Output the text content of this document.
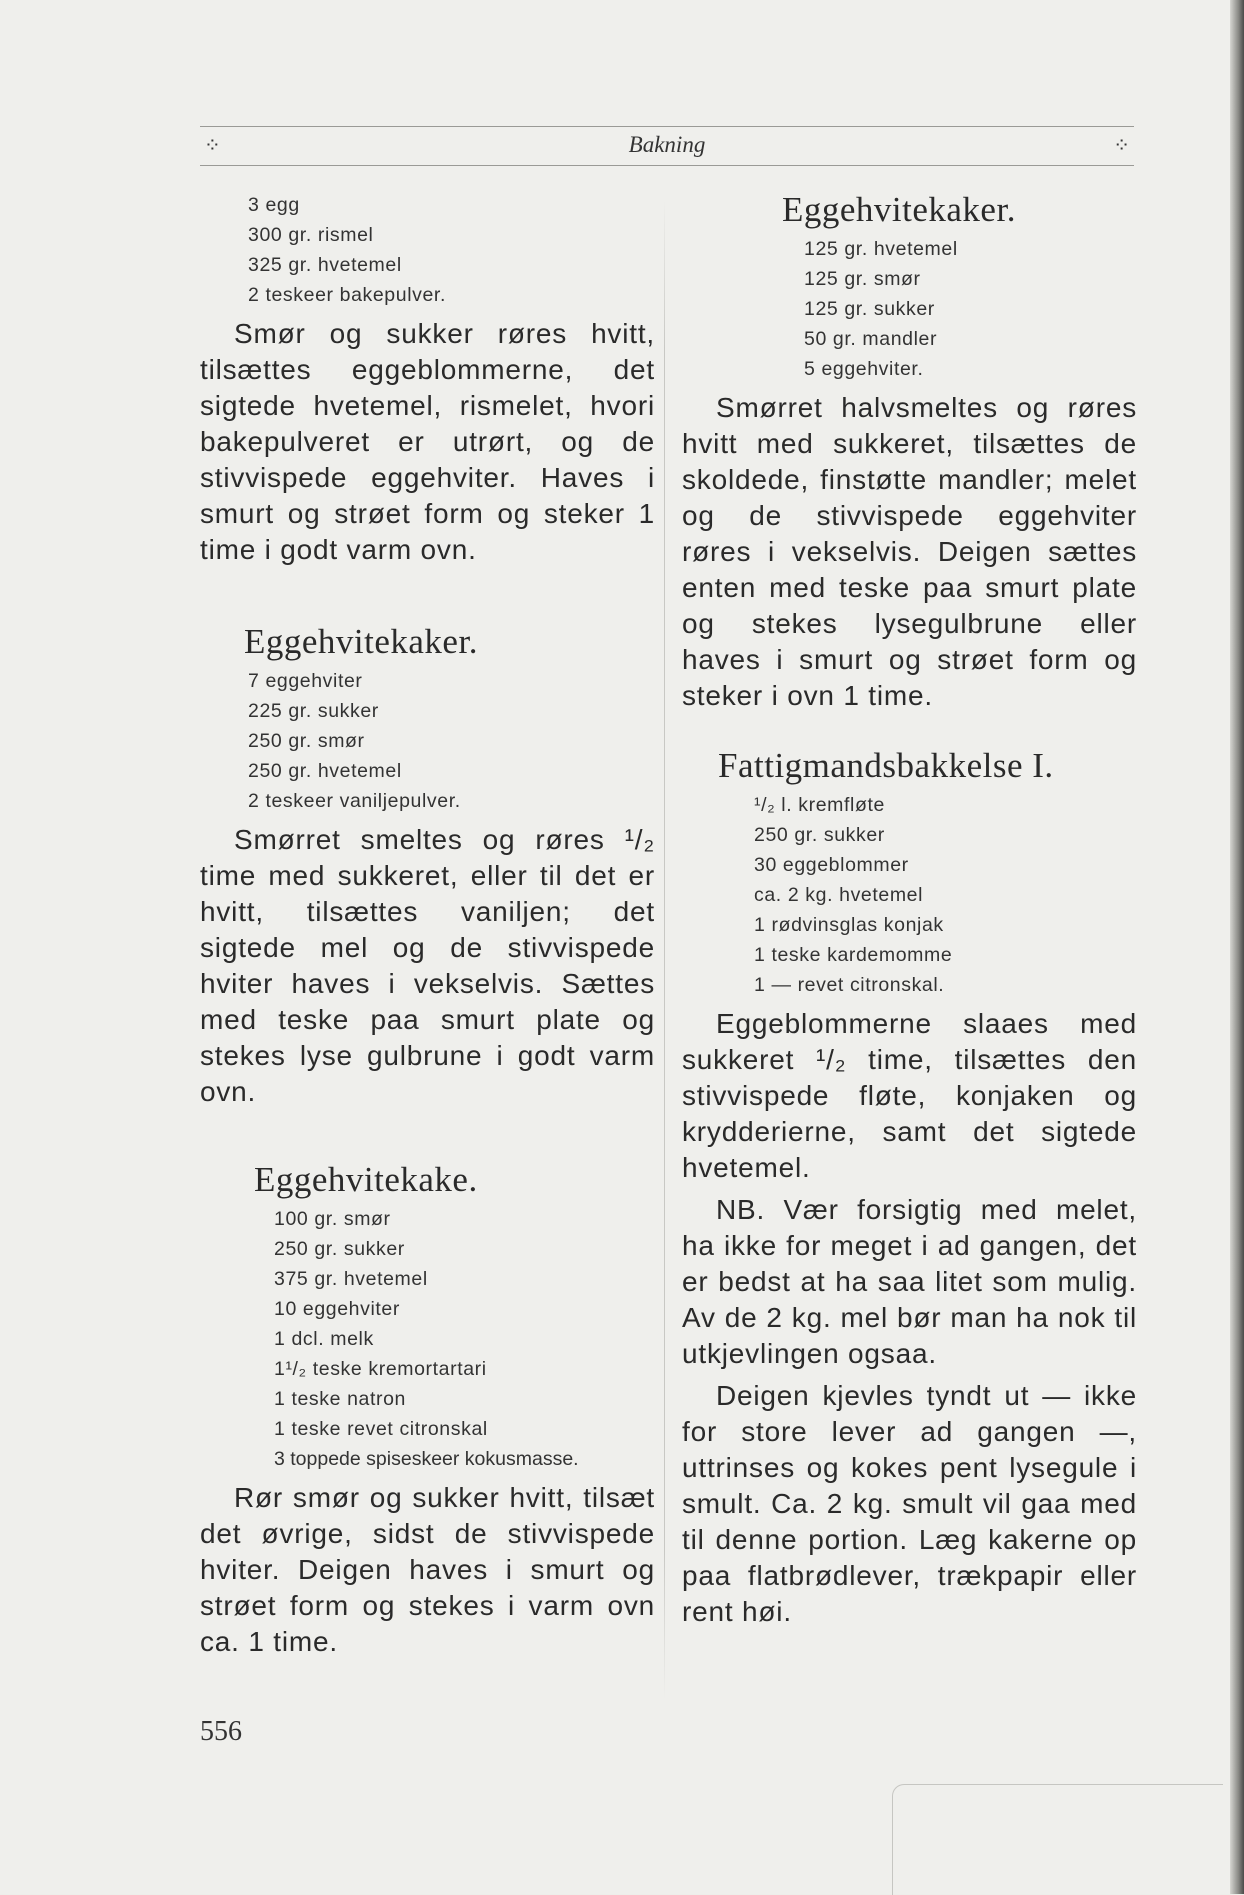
⁘	Bakning	⁘
3 egg
300 gr. rismel
325 gr. hvetemel
2 teskeer bakepulver.

Smør og sukker røres hvitt, tilsættes eggeblommerne, det sigtede hvetemel, rismelet, hvori bakepulveret er utrørt, og de stivvispede eggehviter. Haves i smurt og strøet form og steker 1 time i godt varm ovn.

Eggehvitekaker.
7 eggehviter
225 gr. sukker
250 gr. smør
250 gr. hvetemel
2 teskeer vaniljepulver.

Smørret smeltes og røres ¹/₂ time med sukkeret, eller til det er hvitt, tilsættes vaniljen; det sigtede mel og de stivvispede hviter haves i vekselvis. Sættes med teske paa smurt plate og stekes lyse gulbrune i godt varm ovn.

Eggehvitekake.
100 gr. smør
250 gr. sukker
375 gr. hvetemel
10 eggehviter
1 dcl. melk
1¹/₂ teske kremortartari
1 teske natron
1 teske revet citronskal
3 toppede spiseskeer kokusmasse.

Rør smør og sukker hvitt, tilsæt det øvrige, sidst de stivvispede hviter. Deigen haves i smurt og strøet form og stekes i varm ovn ca. 1 time.

Eggehvitekaker.
125 gr. hvetemel
125 gr. smør
125 gr. sukker
50 gr. mandler
5 eggehviter.

Smørret halvsmeltes og røres hvitt med sukkeret, tilsættes de skoldede, finstøtte mandler; melet og de stivvispede eggehviter røres i vekselvis. Deigen sættes enten med teske paa smurt plate og stekes lysegulbrune eller haves i smurt og strøet form og steker i ovn 1 time.

Fattigmandsbakkelse I.
¹/₂ l. kremfløte
250 gr. sukker
30 eggeblommer
ca. 2 kg. hvetemel
1 rødvinsglas konjak
1 teske kardemomme
1 — revet citronskal.

Eggeblommerne slaaes med sukkeret ¹/₂ time, tilsættes den stivvispede fløte, konjaken og krydderierne, samt det sigtede hvetemel.

NB. Vær forsigtig med melet, ha ikke for meget i ad gangen, det er bedst at ha saa litet som mulig. Av de 2 kg. mel bør man ha nok til utkjevlingen ogsaa.

Deigen kjevles tyndt ut — ikke for store lever ad gangen —, uttrinses og kokes pent lysegule i smult. Ca. 2 kg. smult vil gaa med til denne portion. Læg kakerne op paa flatbrødlever, trækpapir eller rent høi.

556
